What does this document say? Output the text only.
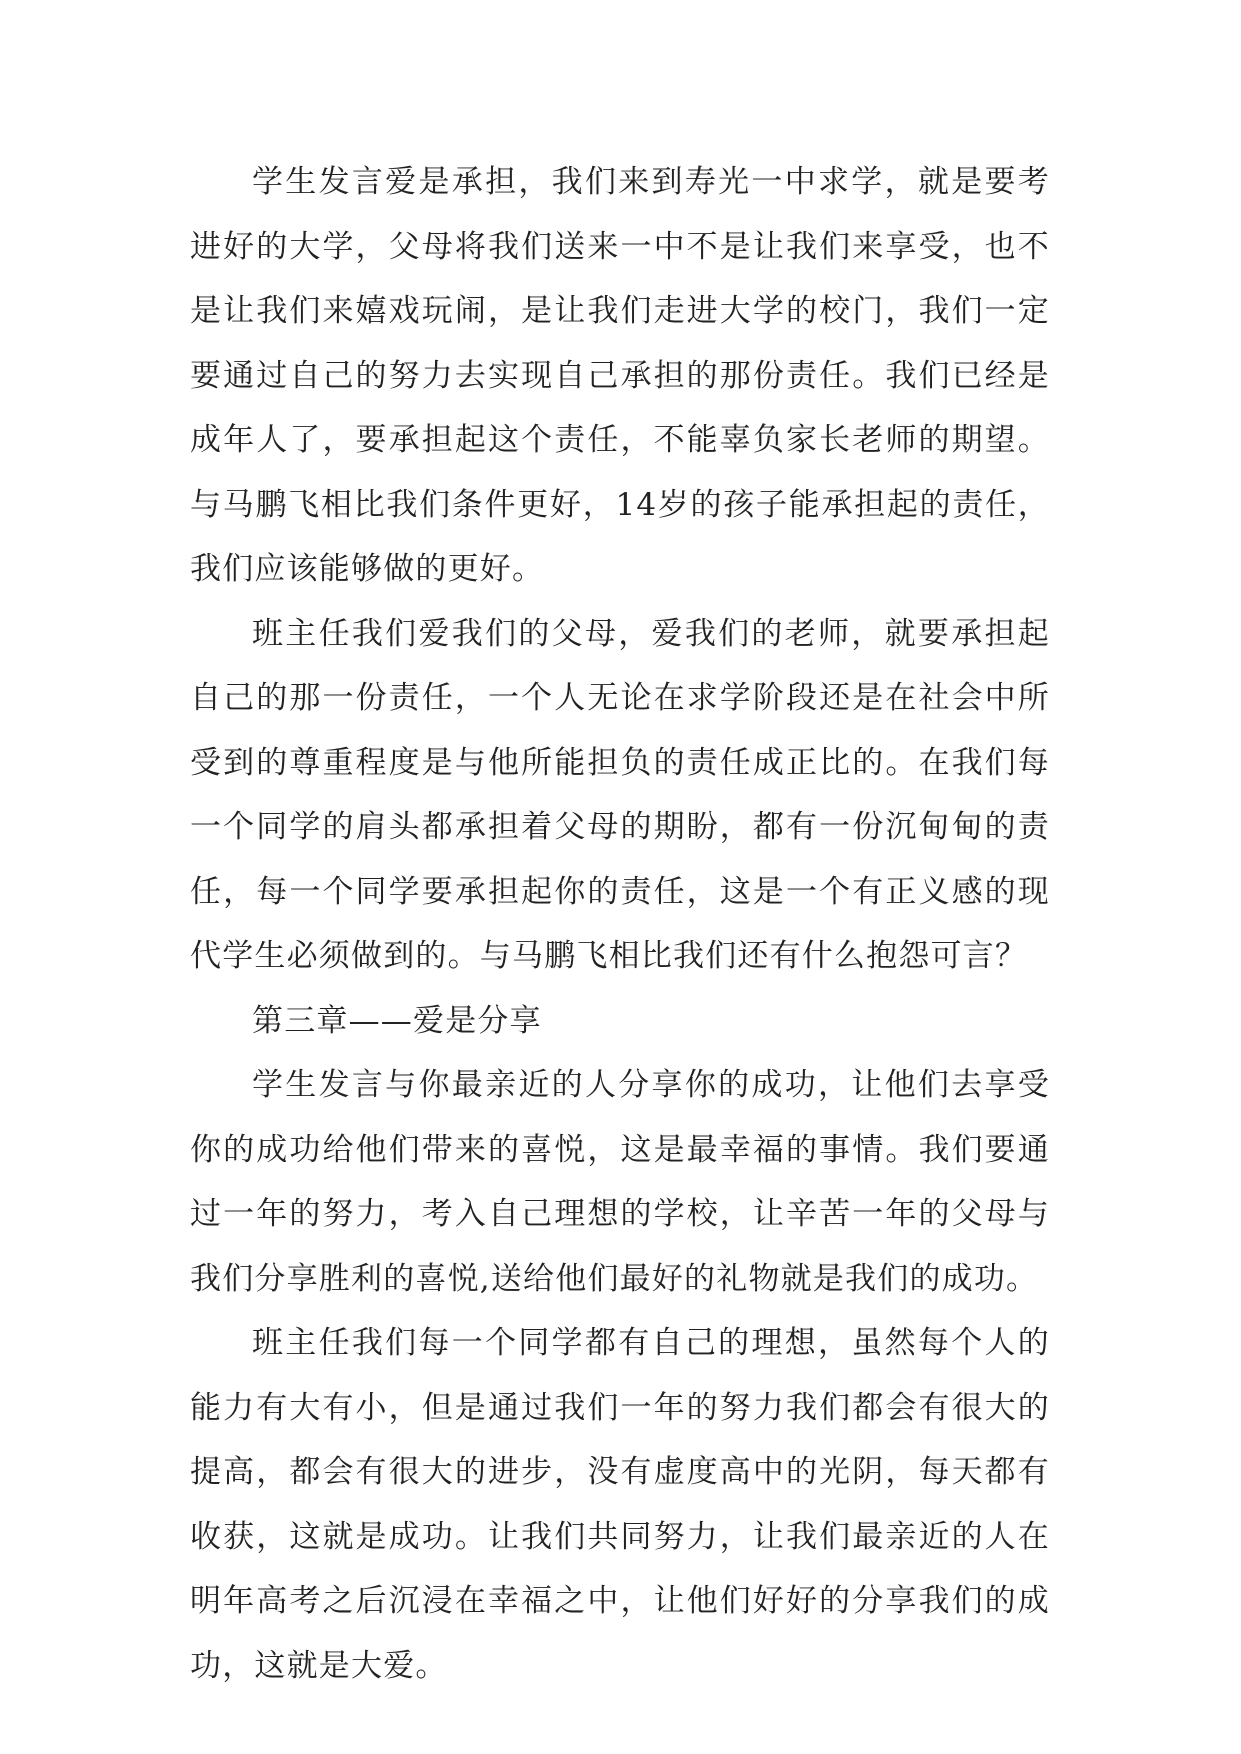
学生发言爱是承担，我们来到寿光一中求学，就是要考进好的大学，父母将我们送来一中不是让我们来享受，也不是让我们来嬉戏玩闹，是让我们走进大学的校门，我们一定要通过自己的努力去实现自己承担的那份责任。我们已经是成年人了，要承担起这个责任，不能辜负家长老师的期望。与马鹏飞相比我们条件更好，14岁的孩子能承担起的责任，我们应该能够做的更好。

班主任我们爱我们的父母，爱我们的老师，就要承担起自己的那一份责任，一个人无论在求学阶段还是在社会中所受到的尊重程度是与他所能担负的责任成正比的。在我们每一个同学的肩头都承担着父母的期盼，都有一份沉甸甸的责任，每一个同学要承担起你的责任，这是一个有正义感的现代学生必须做到的。与马鹏飞相比我们还有什么抱怨可言？

第三章——爱是分享

学生发言与你最亲近的人分享你的成功，让他们去享受你的成功给他们带来的喜悦，这是最幸福的事情。我们要通过一年的努力，考入自己理想的学校，让辛苦一年的父母与我们分享胜利的喜悦,送给他们最好的礼物就是我们的成功。

班主任我们每一个同学都有自己的理想，虽然每个人的能力有大有小，但是通过我们一年的努力我们都会有很大的提高，都会有很大的进步，没有虚度高中的光阴，每天都有收获，这就是成功。让我们共同努力，让我们最亲近的人在明年高考之后沉浸在幸福之中，让他们好好的分享我们的成功，这就是大爱。
